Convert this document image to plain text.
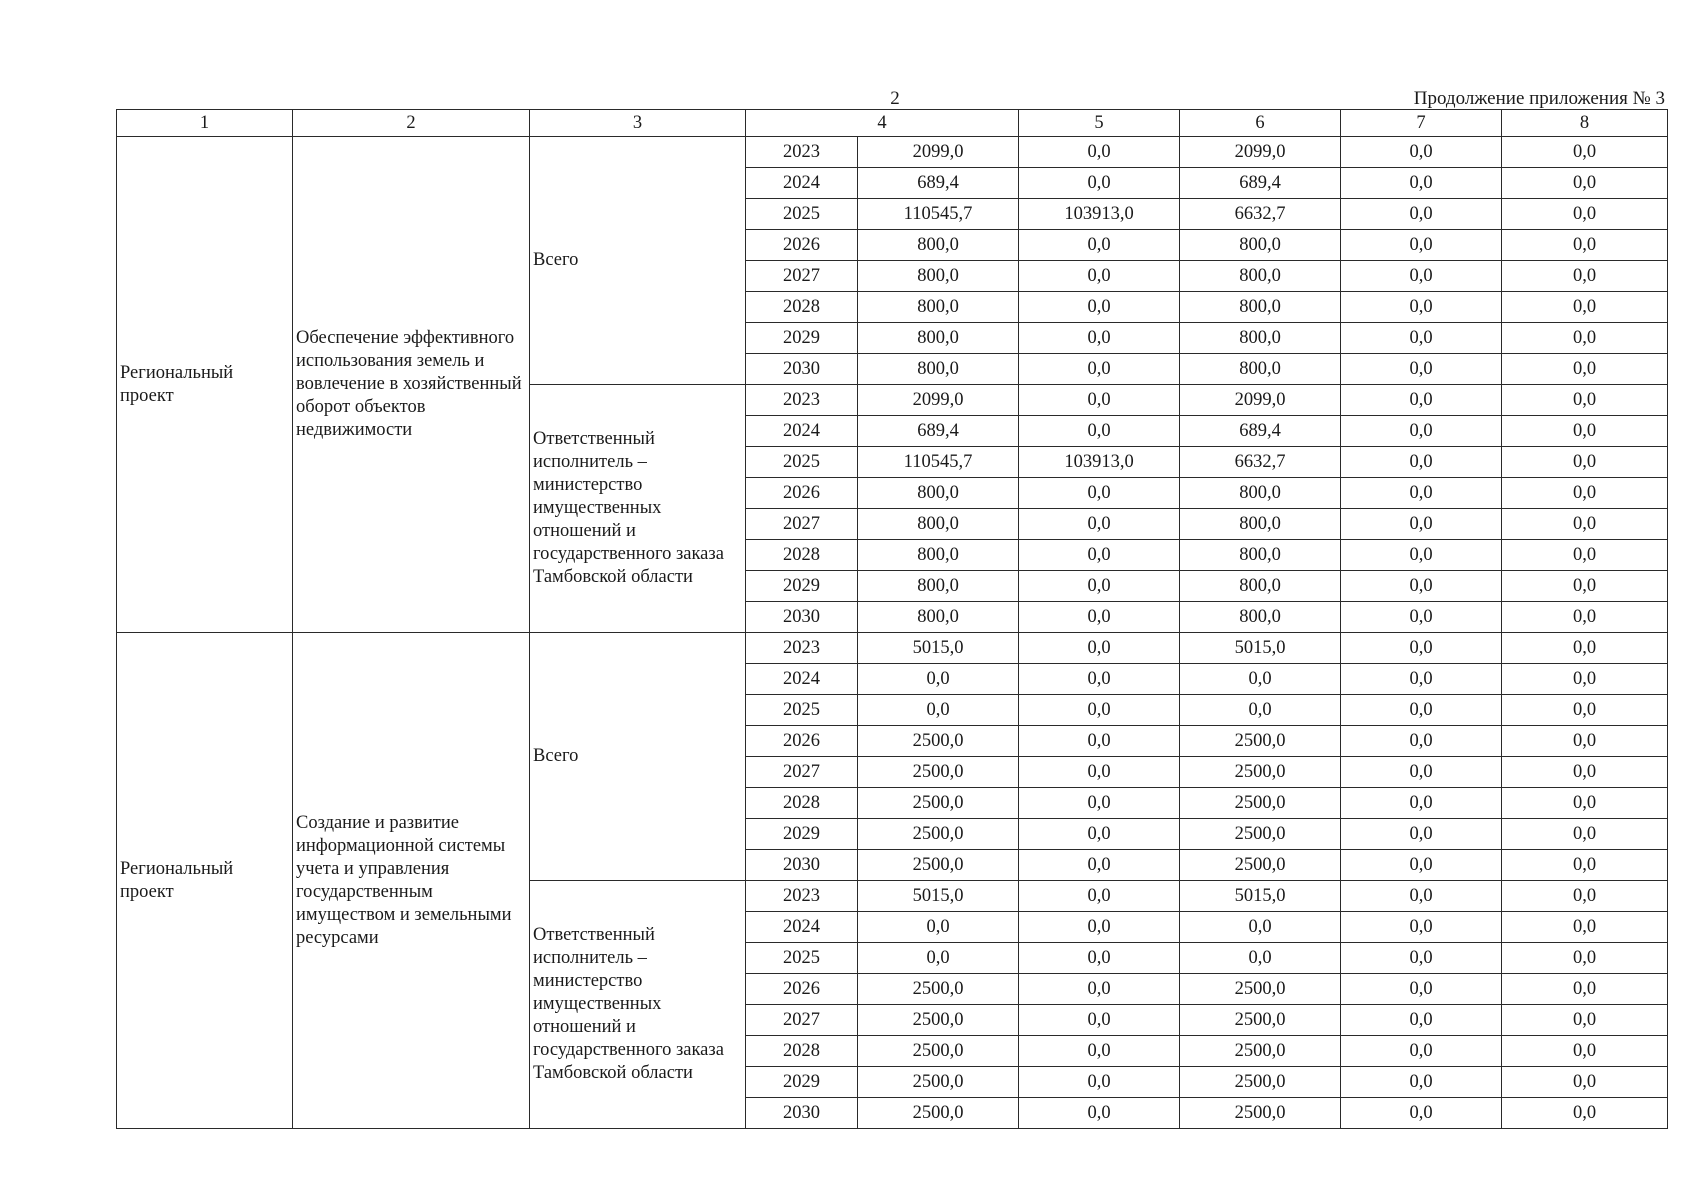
2	Продолжение приложения № 3
1	2	3	4		5	6	7	8
Региональный проект	Обеспечение эффективного использования земель и вовлечение в хозяйственный оборот объектов недвижимости	Всего	2023	2099,0	0,0	2099,0	0,0	0,0
			2024	689,4	0,0	689,4	0,0	0,0
			2025	110545,7	103913,0	6632,7	0,0	0,0
			2026	800,0	0,0	800,0	0,0	0,0
			2027	800,0	0,0	800,0	0,0	0,0
			2028	800,0	0,0	800,0	0,0	0,0
			2029	800,0	0,0	800,0	0,0	0,0
			2030	800,0	0,0	800,0	0,0	0,0
		Ответственный исполнитель – министерство имущественных отношений и государственного заказа Тамбовской области	2023	2099,0	0,0	2099,0	0,0	0,0
			2024	689,4	0,0	689,4	0,0	0,0
			2025	110545,7	103913,0	6632,7	0,0	0,0
			2026	800,0	0,0	800,0	0,0	0,0
			2027	800,0	0,0	800,0	0,0	0,0
			2028	800,0	0,0	800,0	0,0	0,0
			2029	800,0	0,0	800,0	0,0	0,0
			2030	800,0	0,0	800,0	0,0	0,0
Региональный проект	Создание и развитие информационной системы учета и управления государственным имуществом и земельными ресурсами	Всего	2023	5015,0	0,0	5015,0	0,0	0,0
			2024	0,0	0,0	0,0	0,0	0,0
			2025	0,0	0,0	0,0	0,0	0,0
			2026	2500,0	0,0	2500,0	0,0	0,0
			2027	2500,0	0,0	2500,0	0,0	0,0
			2028	2500,0	0,0	2500,0	0,0	0,0
			2029	2500,0	0,0	2500,0	0,0	0,0
			2030	2500,0	0,0	2500,0	0,0	0,0
		Ответственный исполнитель – министерство имущественных отношений и государственного заказа Тамбовской области	2023	5015,0	0,0	5015,0	0,0	0,0
			2024	0,0	0,0	0,0	0,0	0,0
			2025	0,0	0,0	0,0	0,0	0,0
			2026	2500,0	0,0	2500,0	0,0	0,0
			2027	2500,0	0,0	2500,0	0,0	0,0
			2028	2500,0	0,0	2500,0	0,0	0,0
			2029	2500,0	0,0	2500,0	0,0	0,0
			2030	2500,0	0,0	2500,0	0,0	0,0
